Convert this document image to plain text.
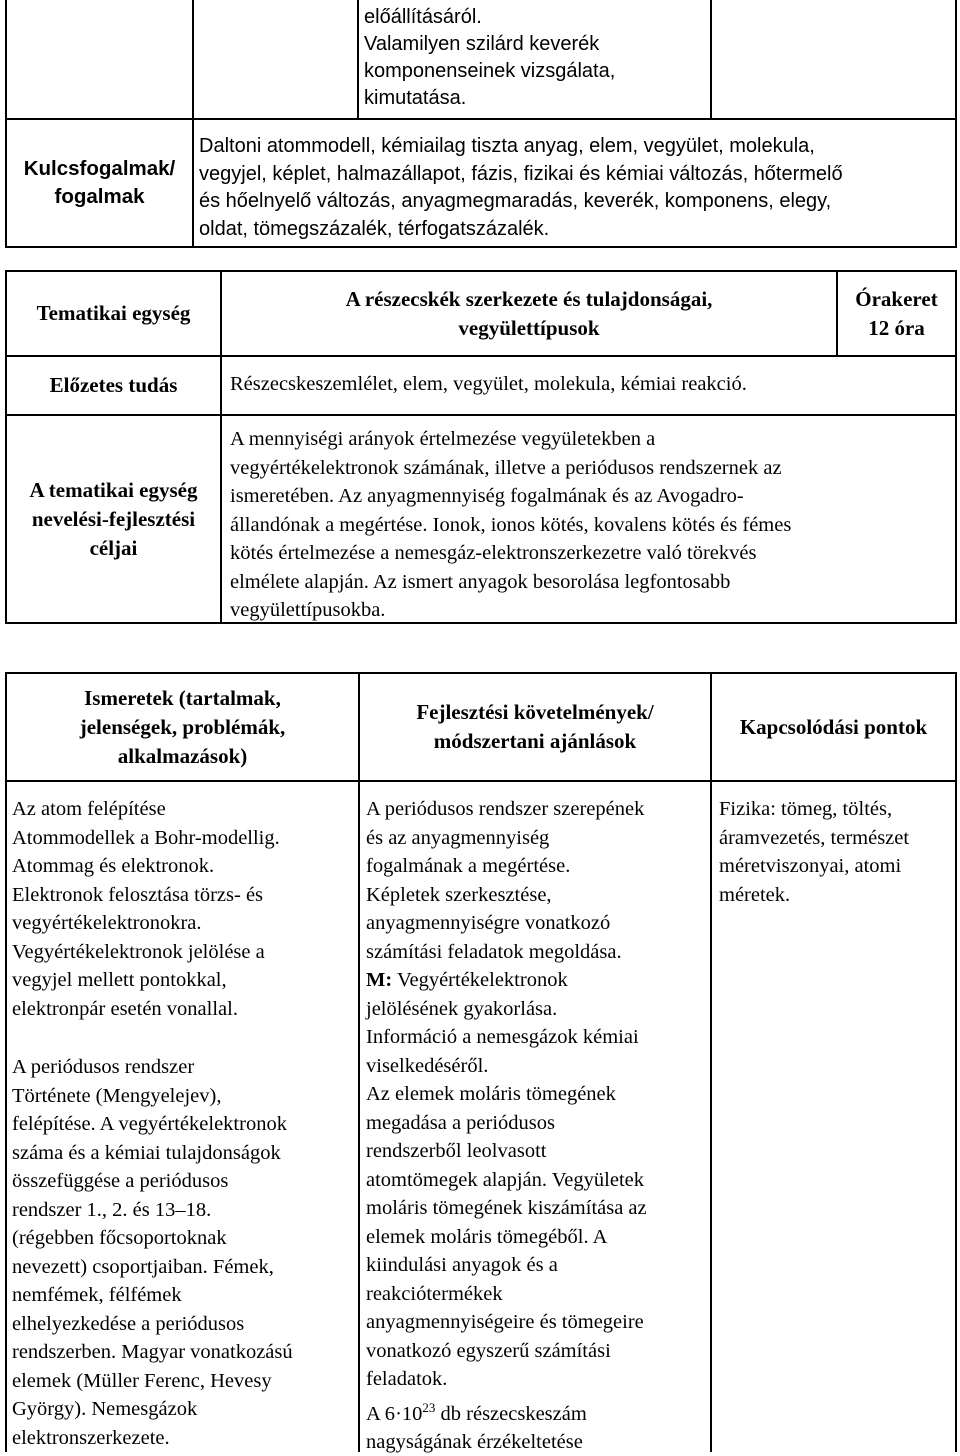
előállításáról.
Valamilyen szilárd keverék
komponenseinek vizsgálata,
kimutatása.
Kulcsfogalmak/
fogalmak
Daltoni atommodell, kémiailag tiszta anyag, elem, vegyület, molekula,
vegyjel, képlet, halmazállapot, fázis, fizikai és kémiai változás, hőtermelő
és hőelnyelő változás, anyagmegmaradás, keverék, komponens, elegy,
oldat, tömegszázalék, térfogatszázalék.
Tematikai egység
A részecskék szerkezete és tulajdonságai,
vegyülettípusok
Órakeret
12 óra
Előzetes tudás	Részecskeszemlélet, elem, vegyület, molekula, kémiai reakció.
A tematikai egység
nevelési-fejlesztési
céljai
A mennyiségi arányok értelmezése vegyületekben a
vegyértékelektronok számának, illetve a periódusos rendszernek az
ismeretében. Az anyagmennyiség fogalmának és az Avogadro-
állandónak a megértése. Ionok, ionos kötés, kovalens kötés és fémes
kötés értelmezése a nemesgáz-elektronszerkezetre való törekvés
elmélete alapján. Az ismert anyagok besorolása legfontosabb
vegyülettípusokba.
Ismeretek (tartalmak,
jelenségek, problémák,
alkalmazások)
Fejlesztési követelmények/
módszertani ajánlások
Kapcsolódási pontok
Az atom felépítése
Atommodellek a Bohr-modellig.
Atommag és elektronok.
Elektronok felosztása törzs- és
vegyértékelektronokra.
Vegyértékelektronok jelölése a
vegyjel mellett pontokkal,
elektronpár esetén vonallal.
A periódusos rendszer
Története (Mengyelejev),
felépítése. A vegyértékelektronok
száma és a kémiai tulajdonságok
összefüggése a periódusos
rendszer 1., 2. és 13–18.
(régebben főcsoportoknak
nevezett) csoportjaiban. Fémek,
nemfémek, félfémek
elhelyezkedése a periódusos
rendszerben. Magyar vonatkozású
elemek (Müller Ferenc, Hevesy
György). Nemesgázok
elektronszerkezete.
A periódusos rendszer szerepének
és az anyagmennyiség
fogalmának a megértése.
Képletek szerkesztése,
anyagmennyiségre vonatkozó
számítási feladatok megoldása.
M: Vegyértékelektronok
jelölésének gyakorlása.
Információ a nemesgázok kémiai
viselkedéséről.
Az elemek moláris tömegének
megadása a periódusos
rendszerből leolvasott
atomtömegek alapján. Vegyületek
moláris tömegének kiszámítása az
elemek moláris tömegéből. A
kiindulási anyagok és a
reakciótermékek
anyagmennyiségeire és tömegeire
vonatkozó egyszerű számítási
feladatok.
A $6\cdot 10^{23}$ db részecskeszám
nagyságának érzékeltetése
Fizika: tömeg, töltés,
áramvezetés, természet
méretviszonyai, atomi
méretek.
